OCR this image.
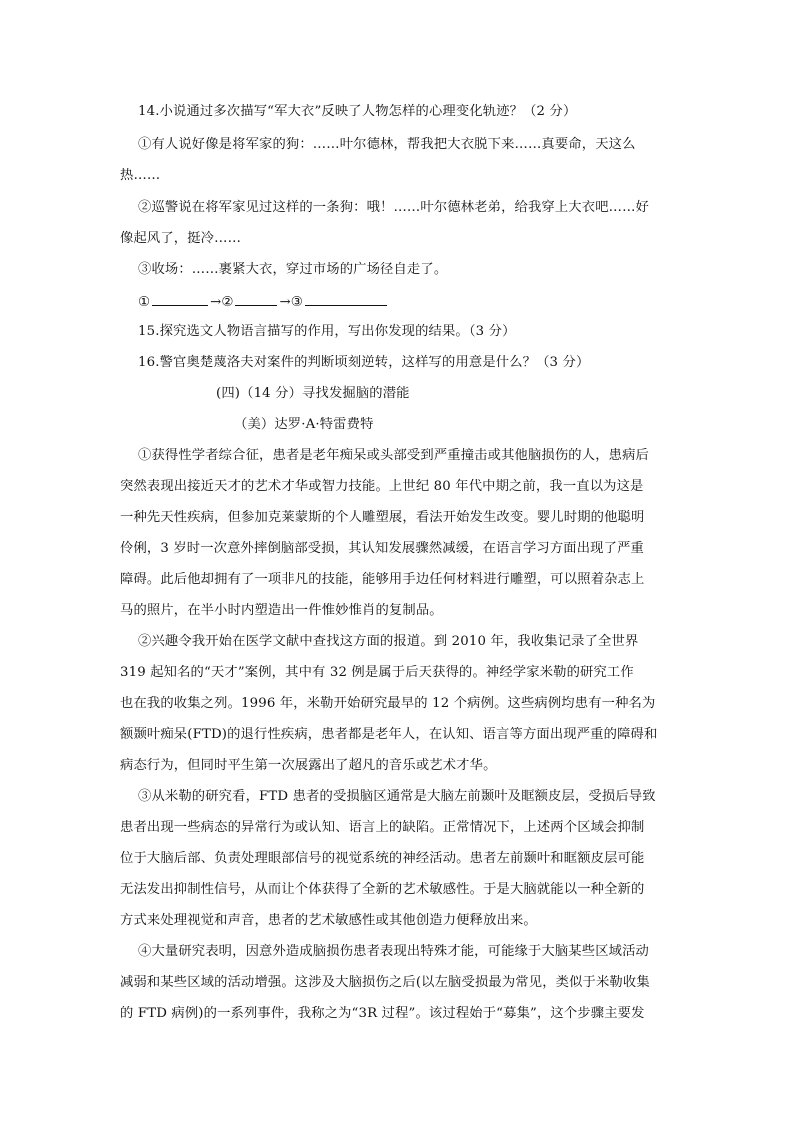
14.小说通过多次描写“军大衣”反映了人物怎样的心理变化轨迹？（2 分）
①有人说好像是将军家的狗：……叶尔德林，帮我把大衣脱下来……真要命，天这么
热……
②巡警说在将军家见过这样的一条狗：哦！……叶尔德林老弟，给我穿上大衣吧……好
像起风了，挺冷……
③收场：……裹紧大衣，穿过市场的广场径自走了。
①	→②	→③
15.探究选文人物语言描写的作用，写出你发现的结果。（3 分）
16.警官奥楚蔑洛夫对案件的判断顷刻逆转，这样写的用意是什么？（3 分）
(四)（14 分）寻找发掘脑的潜能
（美）达罗·A·特雷费特
①获得性学者综合征，患者是老年痴呆或头部受到严重撞击或其他脑损伤的人，患病后
突然表现出接近天才的艺术才华或智力技能。上世纪 80 年代中期之前，我一直以为这是
一种先天性疾病，但参加克莱蒙斯的个人雕塑展，看法开始发生改变。婴儿时期的他聪明
伶俐，3 岁时一次意外摔倒脑部受损，其认知发展骤然减缓，在语言学习方面出现了严重
障碍。此后他却拥有了一项非凡的技能，能够用手边任何材料进行雕塑，可以照着杂志上
马的照片，在半小时内塑造出一件惟妙惟肖的复制品。
②兴趣令我开始在医学文献中查找这方面的报道。到 2010 年，我收集记录了全世界
319 起知名的“天才”案例，其中有 32 例是属于后天获得的。神经学家米勒的研究工作
也在我的收集之列。1996 年，米勒开始研究最早的 12 个病例。这些病例均患有一种名为
额颞叶痴呆(FTD)的退行性疾病，患者都是老年人，在认知、语言等方面出现严重的障碍和
病态行为，但同时平生第一次展露出了超凡的音乐或艺术才华。
③从米勒的研究看，FTD 患者的受损脑区通常是大脑左前颞叶及眶额皮层，受损后导致
患者出现一些病态的异常行为或认知、语言上的缺陷。正常情况下，上述两个区域会抑制
位于大脑后部、负责处理眼部信号的视觉系统的神经活动。患者左前颞叶和眶额皮层可能
无法发出抑制性信号，从而让个体获得了全新的艺术敏感性。于是大脑就能以一种全新的
方式来处理视觉和声音，患者的艺术敏感性或其他创造力便释放出来。
④大量研究表明，因意外造成脑损伤患者表现出特殊才能，可能缘于大脑某些区域活动
减弱和某些区域的活动增强。这涉及大脑损伤之后(以左脑受损最为常见，类似于米勒收集
的 FTD 病例)的一系列事件，我称之为“3R 过程”。该过程始于“募集”，这个步骤主要发
